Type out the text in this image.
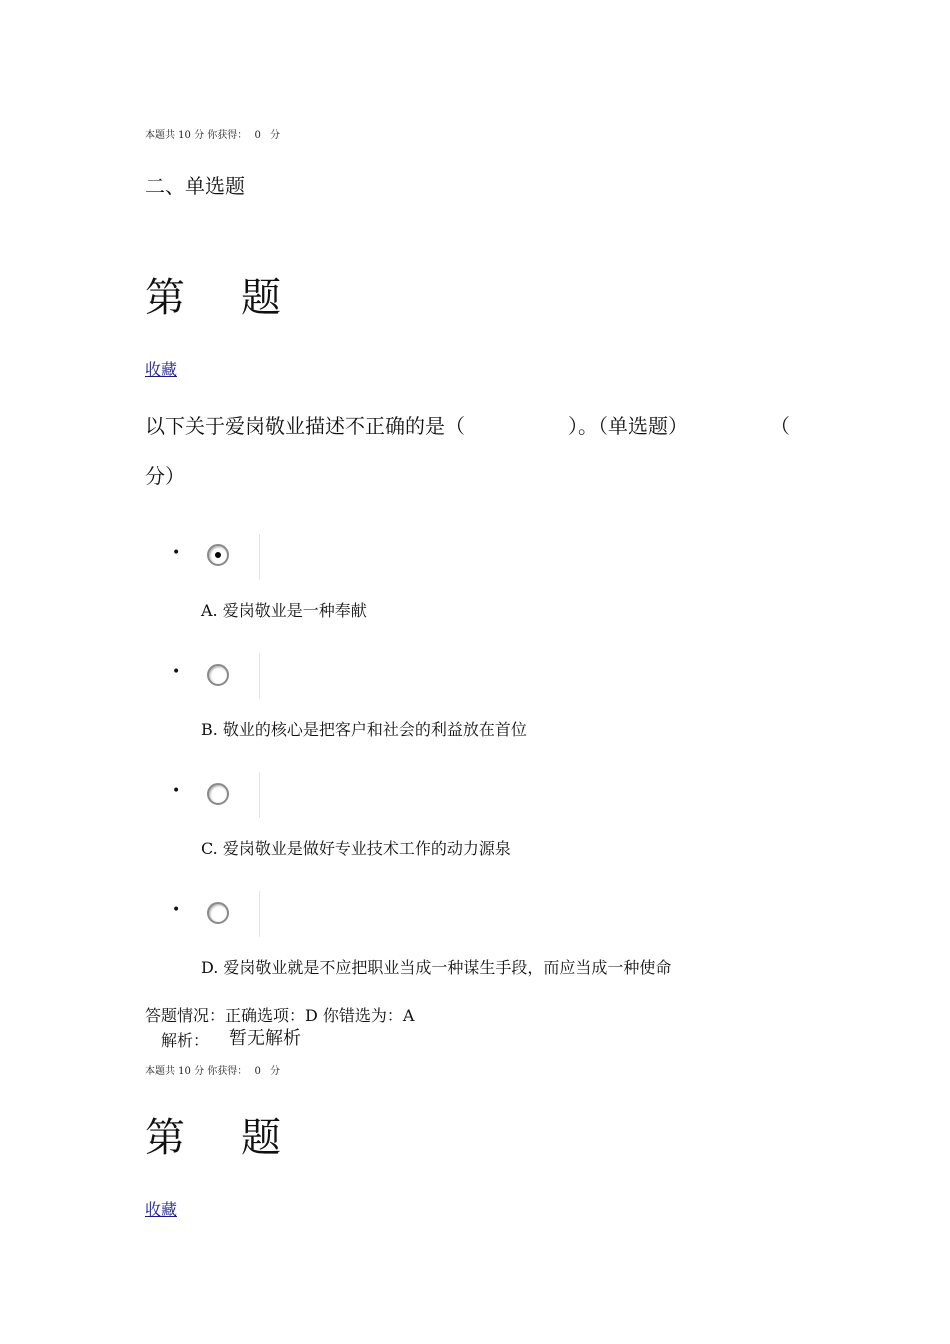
本题共 10 分 你获得： 0 分
二、单选题
第 题
收藏
以下关于爱岗敬业描述不正确的是（	）。（单选题）	（
分）
•
A. 爱岗敬业是一种奉献
•
B. 敬业的核心是把客户和社会的利益放在首位
•
C. 爱岗敬业是做好专业技术工作的动力源泉
•
D. 爱岗敬业就是不应把职业当成一种谋生手段，而应当成一种使命
答题情况：正确选项：D 你错选为：A
解析： 暂无解析
本题共 10 分 你获得： 0 分
第 题
收藏
